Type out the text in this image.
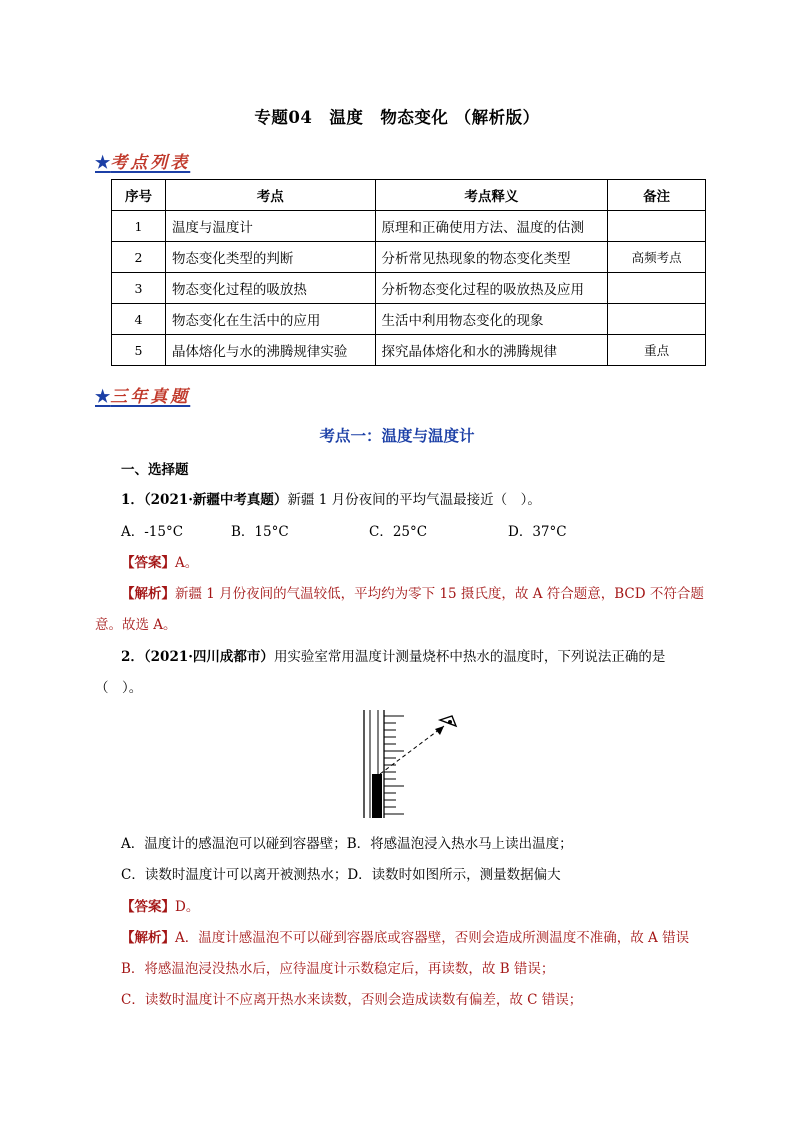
专题04　温度　物态变化 （解析版）
★考点列表
序号	考点	考点释义	备注
1	温度与温度计	原理和正确使用方法、温度的估测	
2	物态变化类型的判断	分析常见热现象的物态变化类型	高频考点
3	物态变化过程的吸放热	分析物态变化过程的吸放热及应用	
4	物态变化在生活中的应用	生活中利用物态变化的现象	
5	晶体熔化与水的沸腾规律实验	探究晶体熔化和水的沸腾规律	重点
★三年真题
考点一：温度与温度计
一、选择题
1．（2021·新疆中考真题）新疆 1 月份夜间的平均气温最接近（　）。
A．-15°C	B．15°C	C．25°C	D．37°C
【答案】A。
【解析】新疆 1 月份夜间的气温较低，平均约为零下 15 摄氏度，故 A 符合题意，BCD 不符合题
意。故选 A。
2．（2021·四川成都市）用实验室常用温度计测量烧杯中热水的温度时，下列说法正确的是
（　）。
A．温度计的感温泡可以碰到容器壁；B．将感温泡浸入热水马上读出温度；
C．读数时温度计可以离开被测热水；D．读数时如图所示，测量数据偏大
【答案】D。
【解析】A．温度计感温泡不可以碰到容器底或容器壁，否则会造成所测温度不准确，故 A 错误
B．将感温泡浸没热水后，应待温度计示数稳定后，再读数，故 B 错误；
C．读数时温度计不应离开热水来读数，否则会造成读数有偏差，故 C 错误；
